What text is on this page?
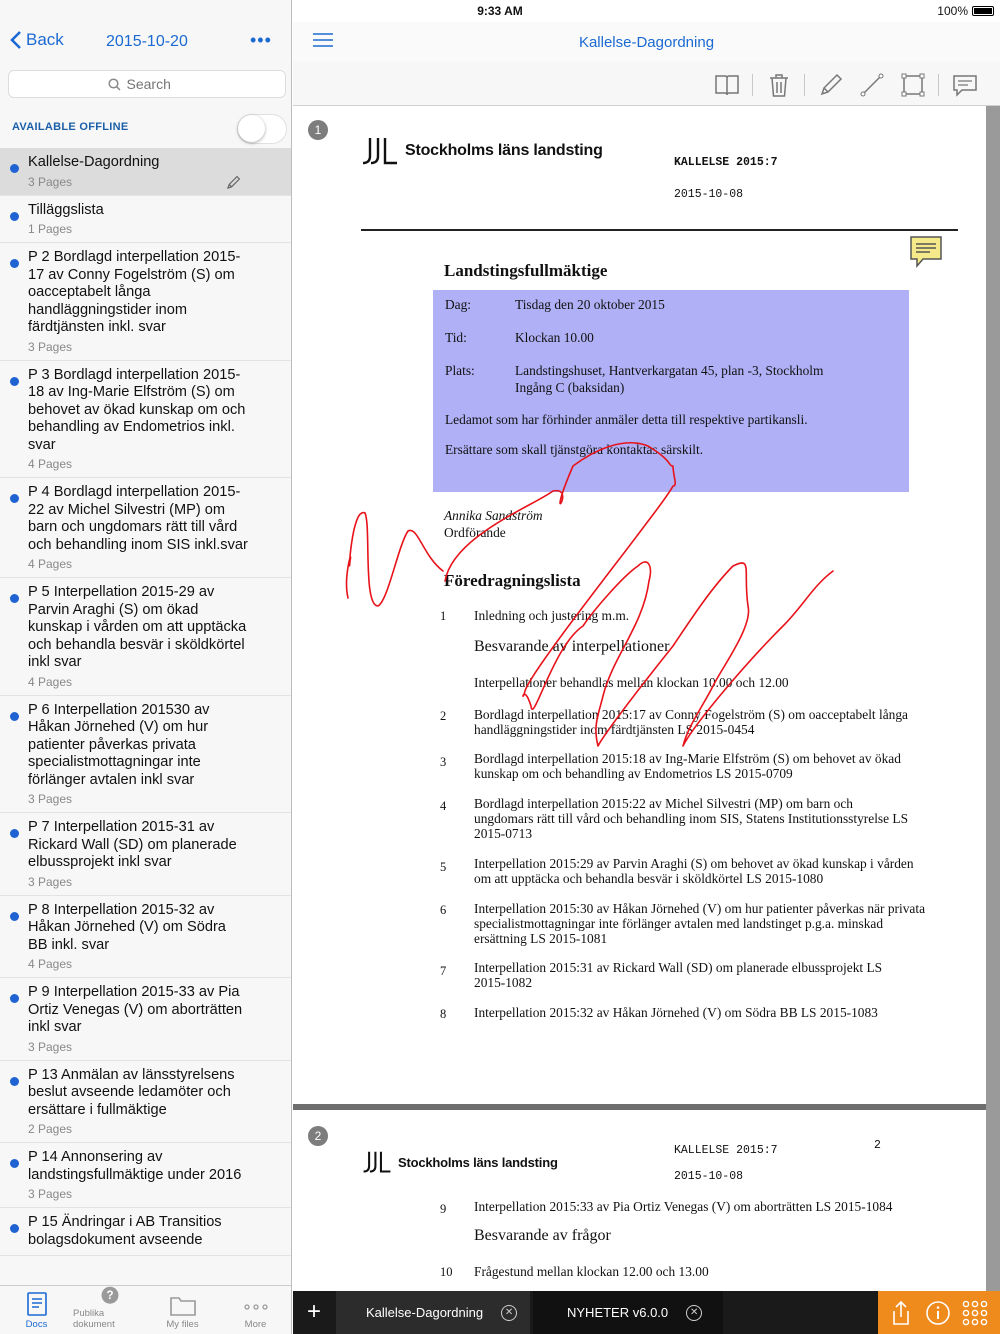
9:33 AM	100%
Back	2015-10-20	•••
Search
AVAILABLE OFFLINE
Kallelse-Dagordning
3 Pages
Tilläggslista
1 Pages
P 2 Bordlagd interpellation 2015-17 av Conny Fogelström (S) om oacceptabelt långa handläggningstider inom färdtjänsten inkl. svar
3 Pages
P 3 Bordlagd interpellation 2015-18 av Ing-Marie Elfström (S) om behovet av ökad kunskap om och behandling av Endometrios inkl. svar
4 Pages
P 4 Bordlagd interpellation 2015-22 av Michel Silvestri (MP) om barn och ungdomars rätt till vård och behandling inom SIS inkl.svar
4 Pages
P 5 Interpellation 2015-29 av Parvin Araghi (S) om ökad kunskap i vården om att upptäcka och behandla besvär i sköldkörtel inkl svar
4 Pages
P 6 Interpellation 201530 av Håkan Jörnehed (V) om hur patienter påverkas privata specialistmottagningar inte förlänger avtalen inkl svar
3 Pages
P 7 Interpellation 2015-31 av Rickard Wall (SD) om planerade elbussprojekt inkl svar
3 Pages
P 8 Interpellation 2015-32 av Håkan Jörnehed (V) om Södra BB inkl. svar
4 Pages
P 9 Interpellation 2015-33 av Pia Ortiz Venegas (V) om aborträtten inkl svar
3 Pages
P 13 Anmälan av länsstyrelsens beslut avseende ledamöter och ersättare i fullmäktige
2 Pages
P 14 Annonsering av landstingsfullmäktige under 2016
3 Pages
P 15 Ändringar i AB Transitios bolagsdokument avseende
Docs
?
Publika dokument	My files	More
Kallelse-Dagordning
1
Stockholms läns landsting
KALLELSE 2015:7
2015-10-08
Landstingsfullmäktige
Dag:	Tisdag den 20 oktober 2015
Tid:	Klockan 10.00
Plats:	Landstingshuset, Hantverkargatan 45, plan -3, Stockholm
Ingång C (baksidan)
Ledamot som har förhinder anmäler detta till respektive partikansli.
Ersättare som skall tjänstgöra kontaktas särskilt.
Annika Sandström
Ordförande
Föredragningslista
1 Inledning och justering m.m.
Besvarande av interpellationer
Interpellationer behandlas mellan klockan 10.00 och 12.00
2 Bordlagd interpellation 2015:17 av Conny Fogelström (S) om oacceptabelt långa handläggningstider inom färdtjänsten LS 2015-0454
3 Bordlagd interpellation 2015:18 av Ing-Marie Elfström (S) om behovet av ökad kunskap om och behandling av Endometrios LS 2015-0709
4 Bordlagd interpellation 2015:22 av Michel Silvestri (MP) om barn och ungdomars rätt till vård och behandling inom SIS, Statens Institutionsstyrelse LS 2015-0713
5 Interpellation 2015:29 av Parvin Araghi (S) om behovet av ökad kunskap i vården om att upptäcka och behandla besvär i sköldkörtel LS 2015-1080
6 Interpellation 2015:30 av Håkan Jörnehed (V) om hur patienter påverkas när privata specialistmottagningar inte förlänger avtalen med landstinget p.g.a. minskad ersättning LS 2015-1081
7 Interpellation 2015:31 av Rickard Wall (SD) om planerade elbussprojekt LS 2015-1082
8 Interpellation 2015:32 av Håkan Jörnehed (V) om Södra BB LS 2015-1083
2
Stockholms läns landsting
KALLELSE 2015:7	2
2015-10-08
9 Interpellation 2015:33 av Pia Ortiz Venegas (V) om aborträtten LS 2015-1084
Besvarande av frågor
10 Frågestund mellan klockan 12.00 och 13.00
+	Kallelse-Dagordning	✕	NYHETER v6.0.0	✕
